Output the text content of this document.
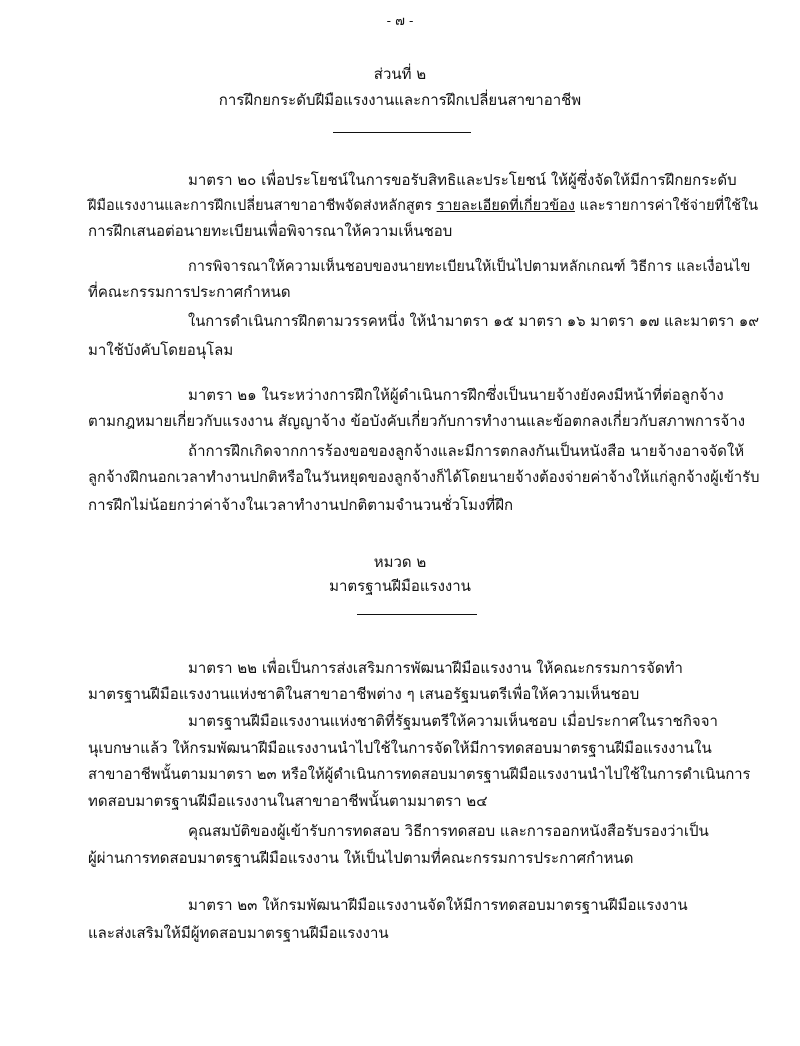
- ๗ -
ส่วนที่ ๒
การฝึกยกระดับฝีมือแรงงานและการฝึกเปลี่ยนสาขาอาชีพ
มาตรา ๒๐ เพื่อประโยชน์ในการขอรับสิทธิและประโยชน์ ให้ผู้ซึ่งจัดให้มีการฝึกยกระดับ
ฝีมือแรงงานและการฝึกเปลี่ยนสาขาอาชีพจัดส่งหลักสูตร รายละเอียดที่เกี่ยวข้อง และรายการค่าใช้จ่ายที่ใช้ใน
การฝึกเสนอต่อนายทะเบียนเพื่อพิจารณาให้ความเห็นชอบ
การพิจารณาให้ความเห็นชอบของนายทะเบียนให้เป็นไปตามหลักเกณฑ์ วิธีการ และเงื่อนไข
ที่คณะกรรมการประกาศกำหนด
ในการดำเนินการฝึกตามวรรคหนึ่ง ให้นำมาตรา ๑๕ มาตรา ๑๖ มาตรา ๑๗ และมาตรา ๑๙
มาใช้บังคับโดยอนุโลม
มาตรา ๒๑ ในระหว่างการฝึกให้ผู้ดำเนินการฝึกซึ่งเป็นนายจ้างยังคงมีหน้าที่ต่อลูกจ้าง
ตามกฎหมายเกี่ยวกับแรงงาน สัญญาจ้าง ข้อบังคับเกี่ยวกับการทำงานและข้อตกลงเกี่ยวกับสภาพการจ้าง
ถ้าการฝึกเกิดจากการร้องขอของลูกจ้างและมีการตกลงกันเป็นหนังสือ นายจ้างอาจจัดให้
ลูกจ้างฝึกนอกเวลาทำงานปกติหรือในวันหยุดของลูกจ้างก็ได้โดยนายจ้างต้องจ่ายค่าจ้างให้แก่ลูกจ้างผู้เข้ารับ
การฝึกไม่น้อยกว่าค่าจ้างในเวลาทำงานปกติตามจำนวนชั่วโมงที่ฝึก
หมวด ๒
มาตรฐานฝีมือแรงงาน
มาตรา ๒๒ เพื่อเป็นการส่งเสริมการพัฒนาฝีมือแรงงาน ให้คณะกรรมการจัดทำ
มาตรฐานฝีมือแรงงานแห่งชาติในสาขาอาชีพต่าง ๆ เสนอรัฐมนตรีเพื่อให้ความเห็นชอบ
มาตรฐานฝีมือแรงงานแห่งชาติที่รัฐมนตรีให้ความเห็นชอบ เมื่อประกาศในราชกิจจา
นุเบกษาแล้ว ให้กรมพัฒนาฝีมือแรงงานนำไปใช้ในการจัดให้มีการทดสอบมาตรฐานฝีมือแรงงานใน
สาขาอาชีพนั้นตามมาตรา ๒๓ หรือให้ผู้ดำเนินการทดสอบมาตรฐานฝีมือแรงงานนำไปใช้ในการดำเนินการ
ทดสอบมาตรฐานฝีมือแรงงานในสาขาอาชีพนั้นตามมาตรา ๒๔
คุณสมบัติของผู้เข้ารับการทดสอบ วิธีการทดสอบ และการออกหนังสือรับรองว่าเป็น
ผู้ผ่านการทดสอบมาตรฐานฝีมือแรงงาน ให้เป็นไปตามที่คณะกรรมการประกาศกำหนด
มาตรา ๒๓ ให้กรมพัฒนาฝีมือแรงงานจัดให้มีการทดสอบมาตรฐานฝีมือแรงงาน
และส่งเสริมให้มีผู้ทดสอบมาตรฐานฝีมือแรงงาน
